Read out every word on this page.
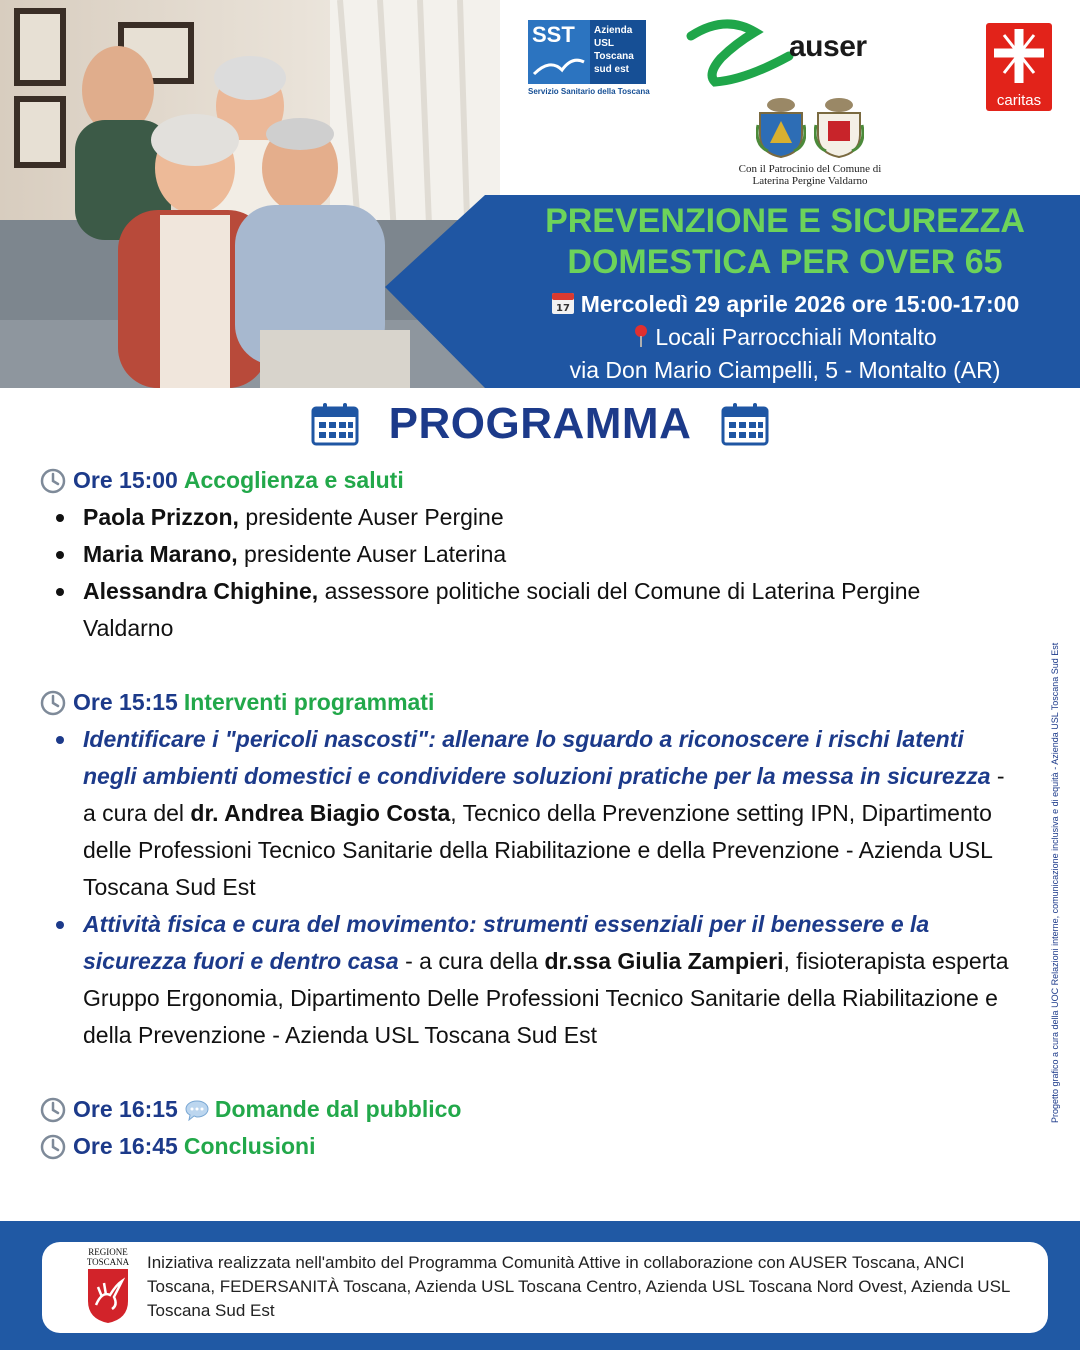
SST	Azienda
USL
Toscana
sud est
Servizio Sanitario della Toscana
auser
caritas
Con il Patrocinio del Comune di
Laterina Pergine Valdarno
PREVENZIONE E SICUREZZA
DOMESTICA PER OVER 65
17 Mercoledì 29 aprile 2026 ore 15:00-17:00
Locali Parrocchiali Montalto
via Don Mario Ciampelli, 5 - Montalto (AR)
PROGRAMMA
Ore 15:00 Accoglienza e saluti
Paola Prizzon, presidente Auser Pergine
Maria Marano, presidente Auser Laterina
Alessandra Chighine, assessore politiche sociali del Comune di Laterina Pergine Valdarno
Ore 15:15 Interventi programmati
Identificare i "pericoli nascosti": allenare lo sguardo a riconoscere i rischi latenti negli ambienti domestici e condividere soluzioni pratiche per la messa in sicurezza - a cura del dr. Andrea Biagio Costa, Tecnico della Prevenzione setting IPN, Dipartimento delle Professioni Tecnico Sanitarie della Riabilitazione e della Prevenzione - Azienda USL Toscana Sud Est
Attività fisica e cura del movimento: strumenti essenziali per il benessere e la sicurezza fuori e dentro casa - a cura della dr.ssa Giulia Zampieri, fisioterapista esperta Gruppo Ergonomia, Dipartimento Delle Professioni Tecnico Sanitarie della Riabilitazione e della Prevenzione - Azienda USL Toscana Sud Est
Ore 16:15 Domande dal pubblico
Ore 16:45 Conclusioni
Progetto grafico a cura della UOC Relazioni interne, comunicazione inclusiva e di equità - Azienda USL Toscana Sud Est
REGIONE
TOSCANA Iniziativa realizzata nell'ambito del Programma Comunità Attive in collaborazione con AUSER Toscana, ANCI Toscana, FEDERSANITÀ Toscana, Azienda USL Toscana Centro, Azienda USL Toscana Nord Ovest, Azienda USL Toscana Sud Est
